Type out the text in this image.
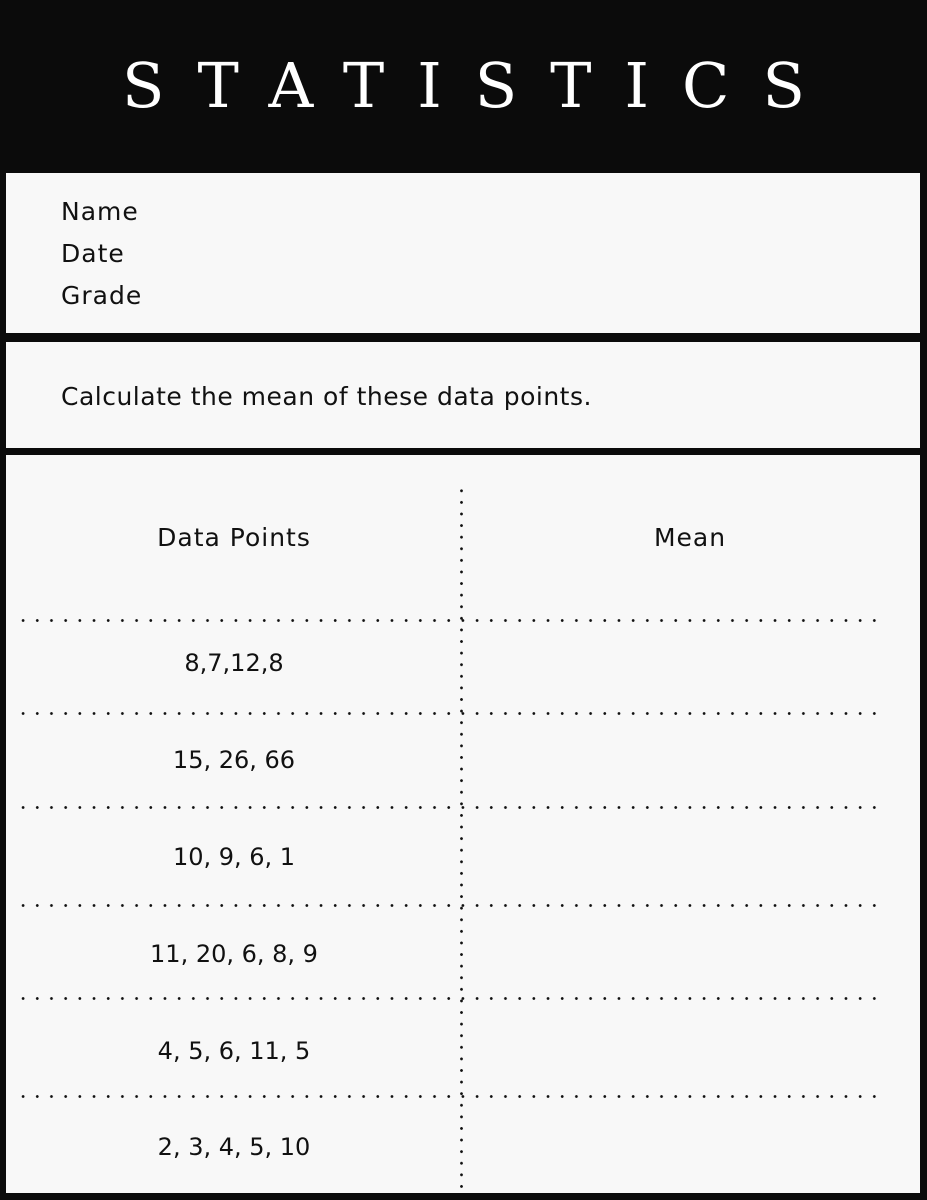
STATISTICS
Name
Date
Grade
Calculate the mean of these data points.
Data Points	Mean
8,7,12,8
15, 26, 66
10, 9, 6, 1
11, 20, 6, 8, 9
4, 5, 6, 11, 5
2, 3, 4, 5, 10
